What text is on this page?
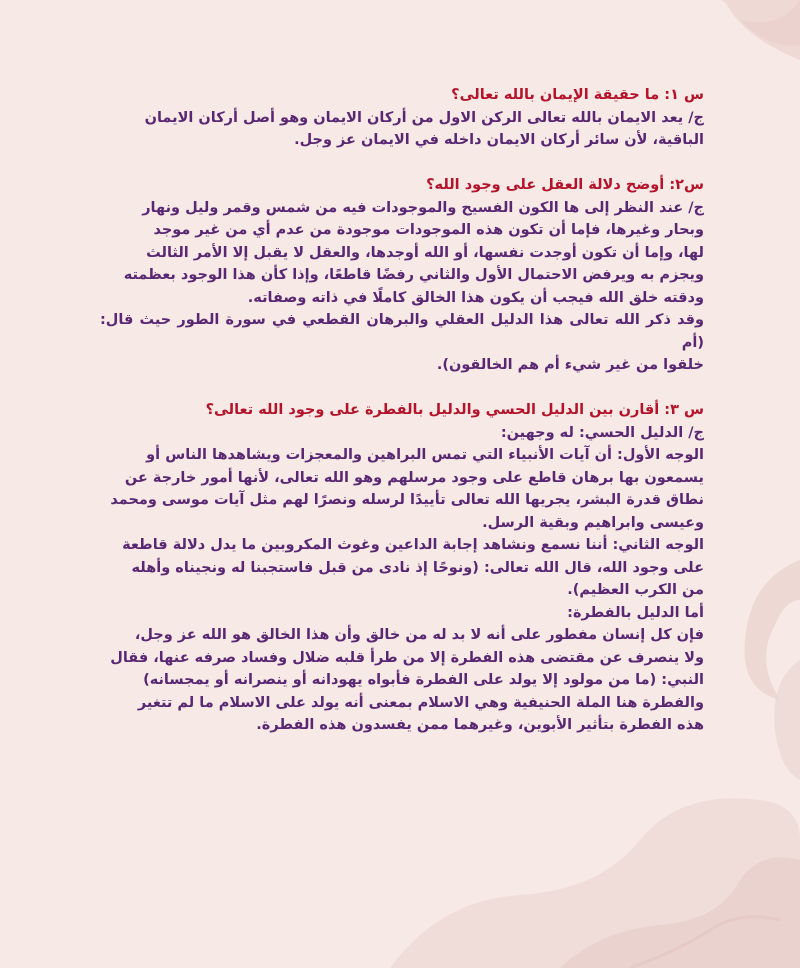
س ١: ما حقيقة الإيمان بالله تعالى؟

ج/ يعد الايمان بالله تعالى الركن الاول من أركان الايمان وهو أصل أركان الايمان

الباقية، لأن سائر أركان الايمان داخله في الايمان عز وجل.

س٢: أوضح دلالة العقل على وجود الله؟

ج/ عند النظر إلى ها الكون الفسيح والموجودات فيه من شمس وقمر وليل ونهار

وبحار وغيرها، فإما أن تكون هذه الموجودات موجودة من عدم أي من غير موجد

لها، وإما أن تكون أوجدت نفسها، أو الله أوجدها، والعقل لا يقبل إلا الأمر الثالث

ويجزم به ويرفض الاحتمال الأول والثاني رفضًا قاطعًا، وإذا كأن هذا الوجود بعظمته

ودقته خلق الله فيجب أن يكون هذا الخالق كاملًا في ذاته وصفاته.

وقد ذكر الله تعالى هذا الدليل العقلي والبرهان القطعي في سورة الطور حيث قال: (أم

خلقوا من غير شيء أم هم الخالقون).

س ٣: أقارن بين الدليل الحسي والدليل بالفطرة على وجود الله تعالى؟

ج/ الدليل الحسي: له وجهين:

الوجه الأول: أن آيات الأنبياء التي تمس البراهين والمعجزات ويشاهدها الناس أو

يسمعون بها برهان قاطع على وجود مرسلهم وهو الله تعالى، لأنها أمور خارجة عن

نطاق قدرة البشر، يجريها الله تعالى تأييدًا لرسله ونصرًا لهم مثل آيات موسى ومحمد

وعيسى وابراهيم وبقية الرسل.

الوجه الثاني: أننا نسمع ونشاهد إجابة الداعين وغوث المكروبين ما يدل دلالة قاطعة

على وجود الله، قال الله تعالى: (ونوحًا إذ نادى من قبل فاستجبنا له ونجيناه وأهله

من الكرب العظيم).

أما الدليل بالفطرة:

فإن كل إنسان مفطور على أنه لا بد له من خالق وأن هذا الخالق هو الله عز وجل،

ولا ينصرف عن مقتضى هذه الفطرة إلا من طرأ قلبه ضلال وفساد صرفه عنها، فقال

النبي: (ما من مولود إلا يولد على الفطرة فأبواه يهودانه أو ينصرانه أو يمجسانه)

والفطرة هنا الملة الحنيفية وهي الاسلام بمعنى أنه يولد على الاسلام ما لم تتغير

هذه الفطرة بتأثير الأبوين، وغيرهما ممن يفسدون هذه الفطرة.
